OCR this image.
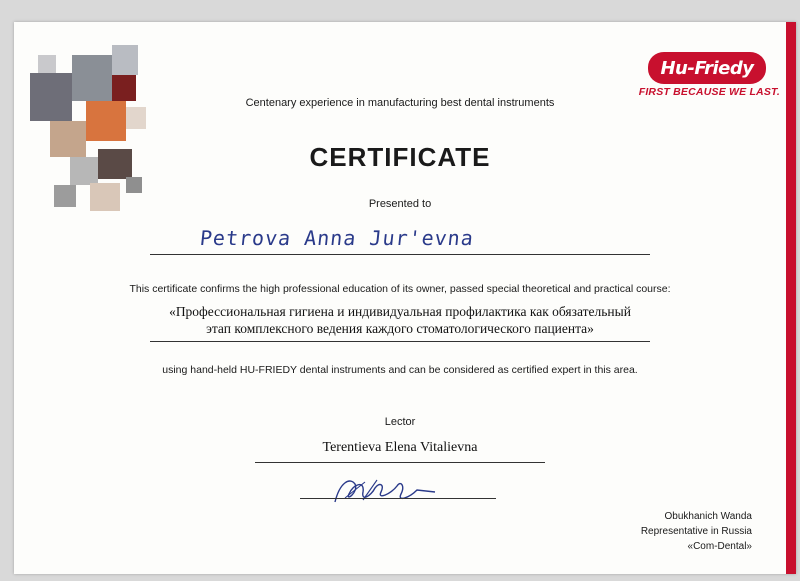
Hu-Friedy
FIRST BECAUSE WE LAST.
Centenary experience in manufacturing best dental instruments
CERTIFICATE
Presented to
Petrova Anna Jur'evna
This certificate confirms the high professional education of its owner, passed special theoretical and practical course:
«Профессиональная гигиена и индивидуальная профилактика как обязательный
этап комплексного ведения каждого стоматологического пациента»
using hand-held HU-FRIEDY dental instruments and can be considered as certified expert in this area.
Lector
Terentieva Elena Vitalievna
Obukhanich Wanda
Representative in Russia
«Com-Dental»
